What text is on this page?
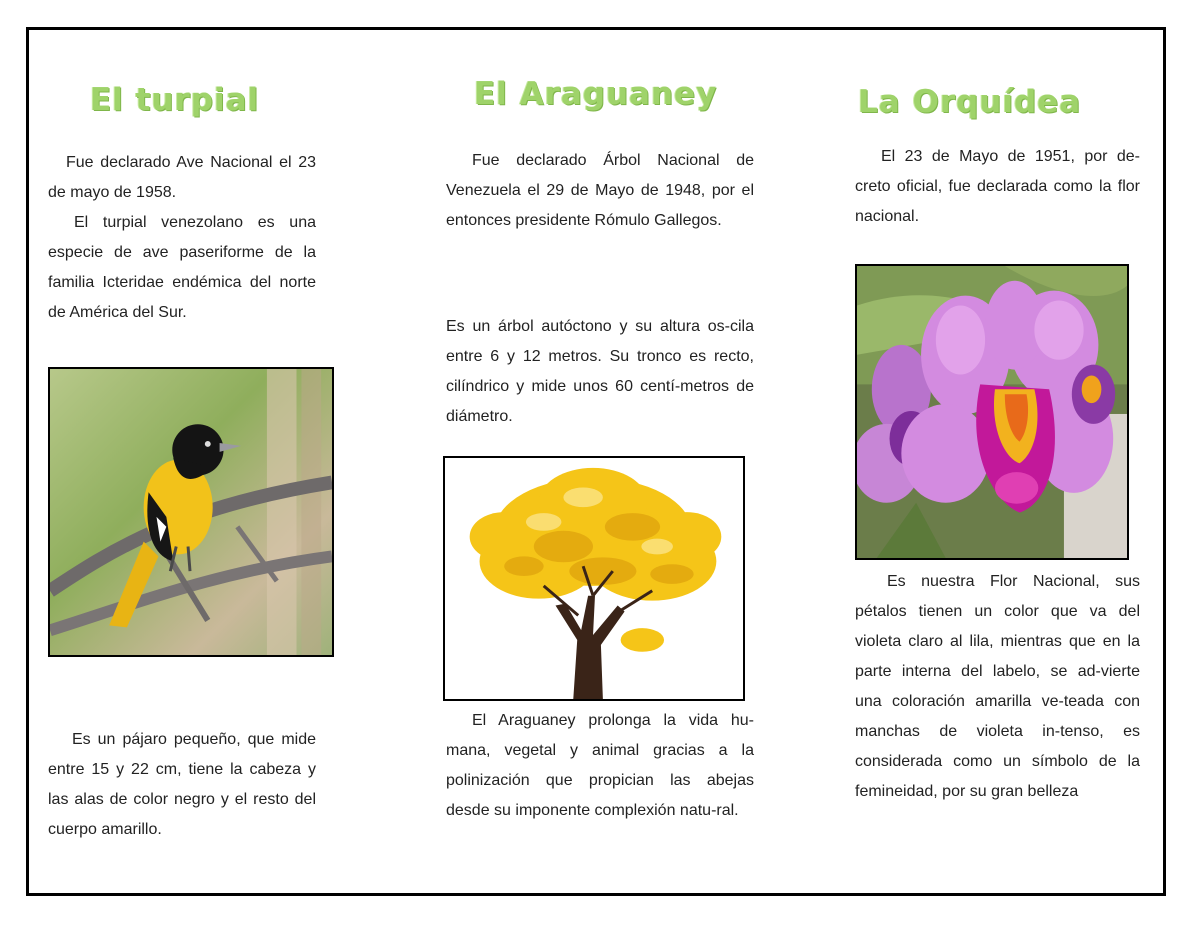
El turpial

Fue declarado Ave Nacional el 23 de mayo de 1958.

El turpial venezolano es una especie de ave paseriforme de la familia Icteridae endémica del norte de América del Sur.

Es un pájaro pequeño, que mide entre 15 y 22 cm, tiene la cabeza y las alas de color negro y el resto del cuerpo amarillo.

El Araguaney

Fue declarado Árbol Nacional de Venezuela el 29 de Mayo de 1948, por el entonces presidente Rómulo Gallegos.

Es un árbol autóctono y su altura os-cila entre 6 y 12 metros. Su tronco es recto, cilíndrico y mide unos 60 centí-metros de diámetro.

El Araguaney prolonga la vida hu-mana, vegetal y animal gracias a la polinización que propician las abejas desde su imponente complexión natu-ral.

La Orquídea

El 23 de Mayo de 1951, por de-creto oficial, fue declarada como la flor nacional.

Es nuestra Flor Nacional, sus pétalos tienen un color que va del violeta claro al lila, mientras que en la parte interna del labelo, se ad-vierte una coloración amarilla ve-teada con manchas de violeta in-tenso, es considerada como un símbolo de la femineidad, por su gran belleza
